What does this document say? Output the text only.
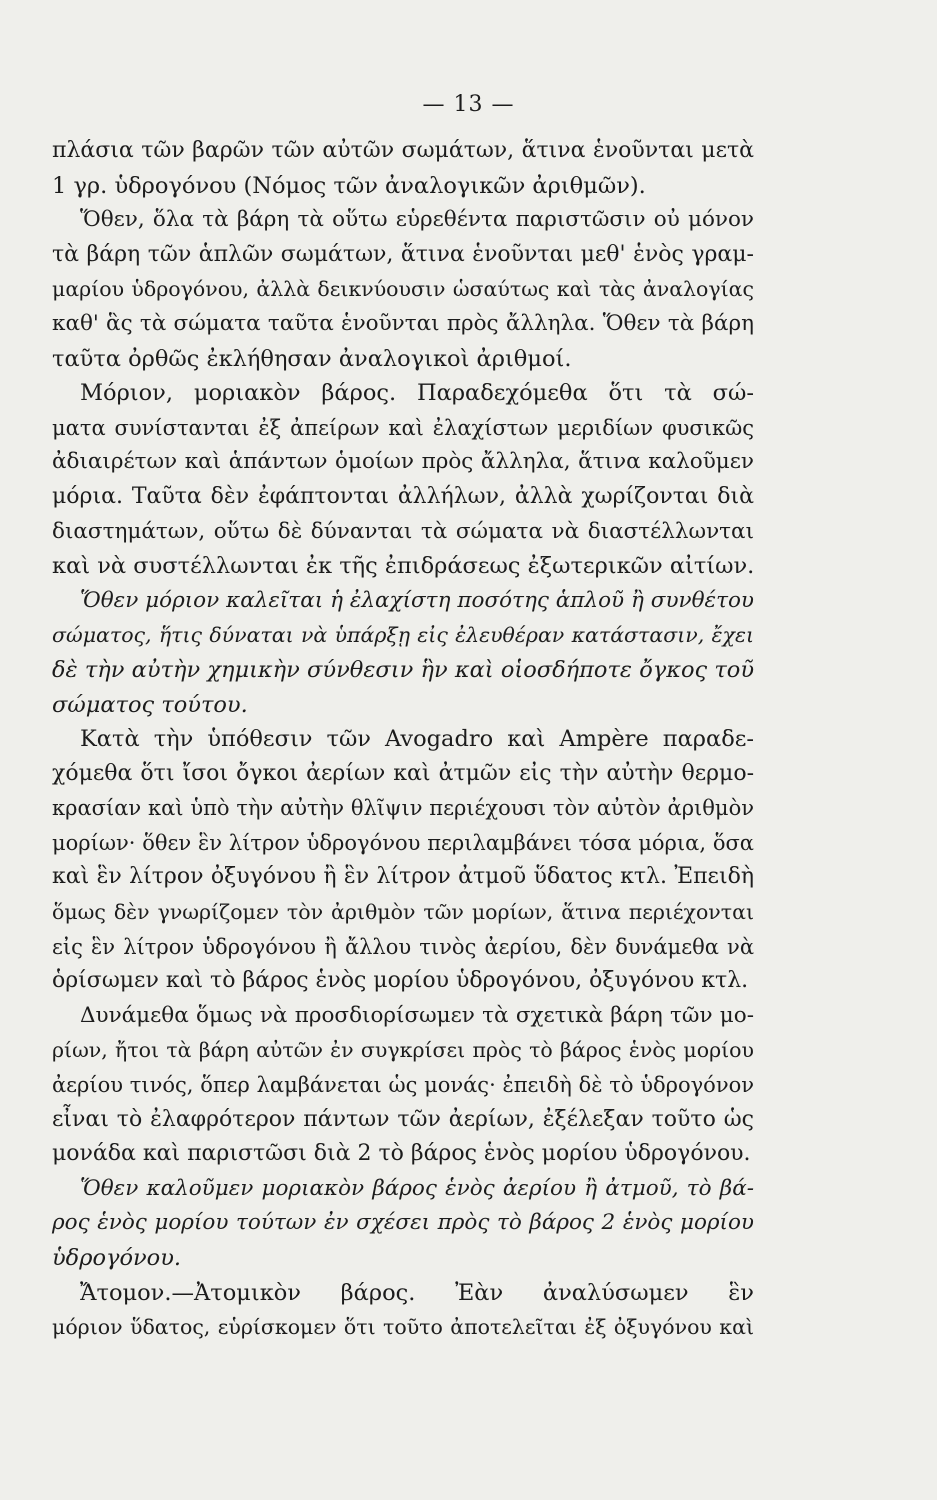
— 13 —
πλάσια τῶν βαρῶν τῶν αὐτῶν σωμάτων, ἅτινα ἑνοῦνται μετὰ
1 γρ. ὑδρογόνου (Νόμος τῶν ἀναλογικῶν ἀριθμῶν).
Ὅθεν, ὅλα τὰ βάρη τὰ οὕτω εὑρεθέντα παριστῶσιν οὐ μόνον
τὰ βάρη τῶν ἁπλῶν σωμάτων, ἅτινα ἑνοῦνται μεθ' ἑνὸς γραμ-
μαρίου ὑδρογόνου, ἀλλὰ δεικνύουσιν ὡσαύτως καὶ τὰς ἀναλογίας
καθ' ἃς τὰ σώματα ταῦτα ἑνοῦνται πρὸς ἄλληλα. Ὅθεν τὰ βάρη
ταῦτα ὀρθῶς ἐκλήθησαν ἀναλογικοὶ ἀριθμοί.
Μόριον, μοριακὸν βάρος. Παραδεχόμεθα ὅτι τὰ σώ-
ματα συνίστανται ἐξ ἀπείρων καὶ ἐλαχίστων μεριδίων φυσικῶς
ἀδιαιρέτων καὶ ἁπάντων ὁμοίων πρὸς ἄλληλα, ἅτινα καλοῦμεν
μόρια. Ταῦτα δὲν ἐφάπτονται ἀλλήλων, ἀλλὰ χωρίζονται διὰ
διαστημάτων, οὕτω δὲ δύνανται τὰ σώματα νὰ διαστέλλωνται
καὶ νὰ συστέλλωνται ἐκ τῆς ἐπιδράσεως ἐξωτερικῶν αἰτίων.
Ὅθεν μόριον καλεῖται ἡ ἐλαχίστη ποσότης ἁπλοῦ ἢ συνθέτου
σώματος, ἥτις δύναται νὰ ὑπάρξῃ εἰς ἐλευθέραν κατάστασιν, ἔχει
δὲ τὴν αὐτὴν χημικὴν σύνθεσιν ἣν καὶ οἱοσδήποτε ὄγκος τοῦ
σώματος τούτου.
Κατὰ τὴν ὑπόθεσιν τῶν Avogadro καὶ Ampère παραδε-
χόμεθα ὅτι ἴσοι ὄγκοι ἀερίων καὶ ἀτμῶν εἰς τὴν αὐτὴν θερμο-
κρασίαν καὶ ὑπὸ τὴν αὐτὴν θλῖψιν περιέχουσι τὸν αὐτὸν ἀριθμὸν
μορίων· ὅθεν ἓν λίτρον ὑδρογόνου περιλαμβάνει τόσα μόρια, ὅσα
καὶ ἓν λίτρον ὀξυγόνου ἢ ἓν λίτρον ἀτμοῦ ὕδατος κτλ. Ἐπειδὴ
ὅμως δὲν γνωρίζομεν τὸν ἀριθμὸν τῶν μορίων, ἅτινα περιέχονται
εἰς ἓν λίτρον ὑδρογόνου ἢ ἄλλου τινὸς ἀερίου, δὲν δυνάμεθα νὰ
ὁρίσωμεν καὶ τὸ βάρος ἑνὸς μορίου ὑδρογόνου, ὀξυγόνου κτλ.
Δυνάμεθα ὅμως νὰ προσδιορίσωμεν τὰ σχετικὰ βάρη τῶν μο-
ρίων, ἤτοι τὰ βάρη αὐτῶν ἐν συγκρίσει πρὸς τὸ βάρος ἑνὸς μορίου
ἀερίου τινός, ὅπερ λαμβάνεται ὡς μονάς· ἐπειδὴ δὲ τὸ ὑδρογόνον
εἶναι τὸ ἐλαφρότερον πάντων τῶν ἀερίων, ἐξέλεξαν τοῦτο ὡς
μονάδα καὶ παριστῶσι διὰ 2 τὸ βάρος ἑνὸς μορίου ὑδρογόνου.
Ὅθεν καλοῦμεν μοριακὸν βάρος ἑνὸς ἀερίου ἢ ἀτμοῦ, τὸ βά-
ρος ἑνὸς μορίου τούτων ἐν σχέσει πρὸς τὸ βάρος 2 ἑνὸς μορίου
ὑδρογόνου.
Ἄτομον.—Ἀτομικὸν βάρος. Ἐὰν ἀναλύσωμεν ἓν
μόριον ὕδατος, εὑρίσκομεν ὅτι τοῦτο ἀποτελεῖται ἐξ ὀξυγόνου καὶ
